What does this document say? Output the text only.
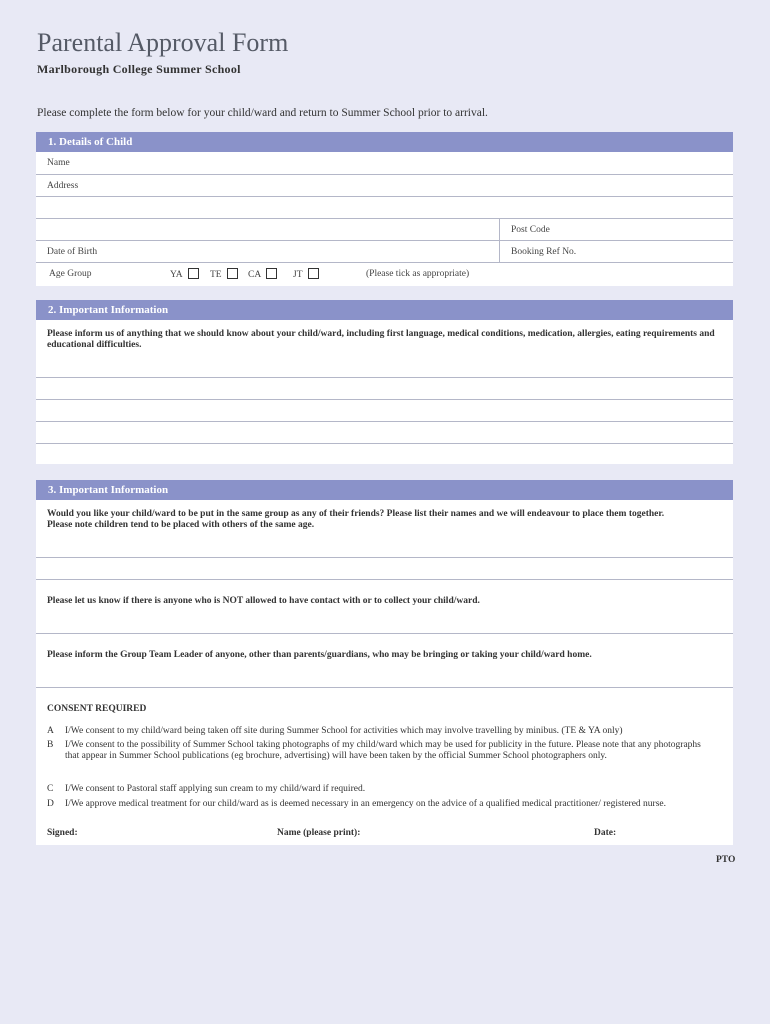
Parental Approval Form
Marlborough College Summer School
Please complete the form below for your child/ward and return to Summer School prior to arrival.
1. Details of Child
Name
Address
Post Code
Date of Birth	Booking Ref No.
Age Group	YA	TE	CA	JT	(Please tick as appropriate)
2. Important Information
Please inform us of anything that we should know about your child/ward, including first language, medical conditions, medication, allergies, eating requirements and educational difficulties.
3. Important Information
Would you like your child/ward to be put in the same group as any of their friends? Please list their names and we will endeavour to place them together. Please note children tend to be placed with others of the same age.
Please let us know if there is anyone who is NOT allowed to have contact with or to collect your child/ward.
Please inform the Group Team Leader of anyone, other than parents/guardians, who may be bringing or taking your child/ward home.
CONSENT REQUIRED
A I/We consent to my child/ward being taken off site during Summer School for activities which may involve travelling by minibus. (TE & YA only)
B I/We consent to the possibility of Summer School taking photographs of my child/ward which may be used for publicity in the future. Please note that any photographs that appear in Summer School publications (eg brochure, advertising) will have been taken by the official Summer School photographers only.
C I/We consent to Pastoral staff applying sun cream to my child/ward if required.
D I/We approve medical treatment for our child/ward as is deemed necessary in an emergency on the advice of a qualified medical practitioner/ registered nurse.
Signed:	Name (please print):	Date:
PTO
